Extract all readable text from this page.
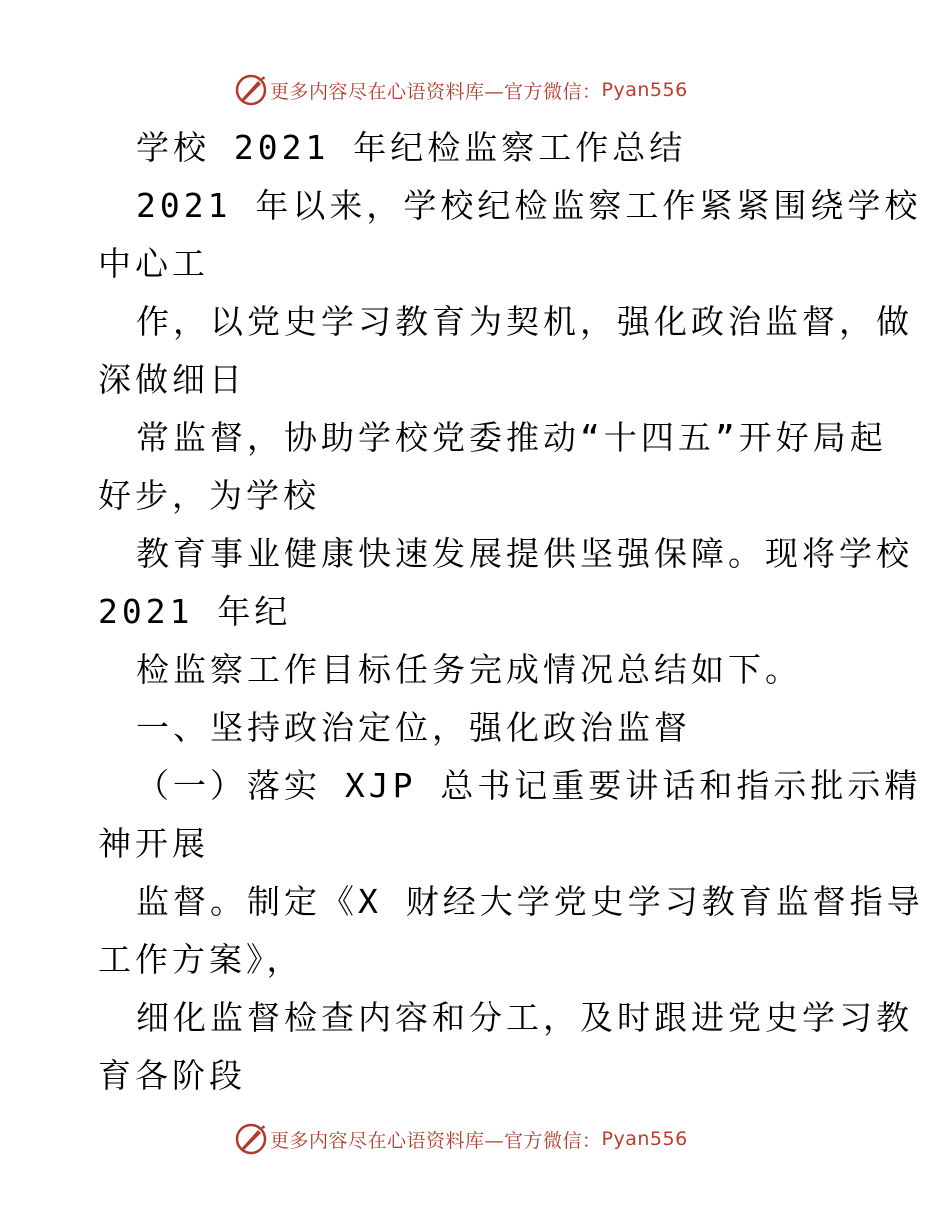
更多内容尽在心语资料库—官方微信： Pyan556
学校 2021 年纪检监察工作总结
2021 年以来，学校纪检监察工作紧紧围绕学校
中心工
作，以党史学习教育为契机，强化政治监督，做
深做细日
常监督，协助学校党委推动“十四五”开好局起
好步，为学校
教育事业健康快速发展提供坚强保障。现将学校
2021 年纪
检监察工作目标任务完成情况总结如下。
一、坚持政治定位，强化政治监督
（一）落实 XJP 总书记重要讲话和指示批示精
神开展
监督。制定《X 财经大学党史学习教育监督指导
工作方案》，
细化监督检查内容和分工，及时跟进党史学习教
育各阶段
更多内容尽在心语资料库—官方微信： Pyan556
